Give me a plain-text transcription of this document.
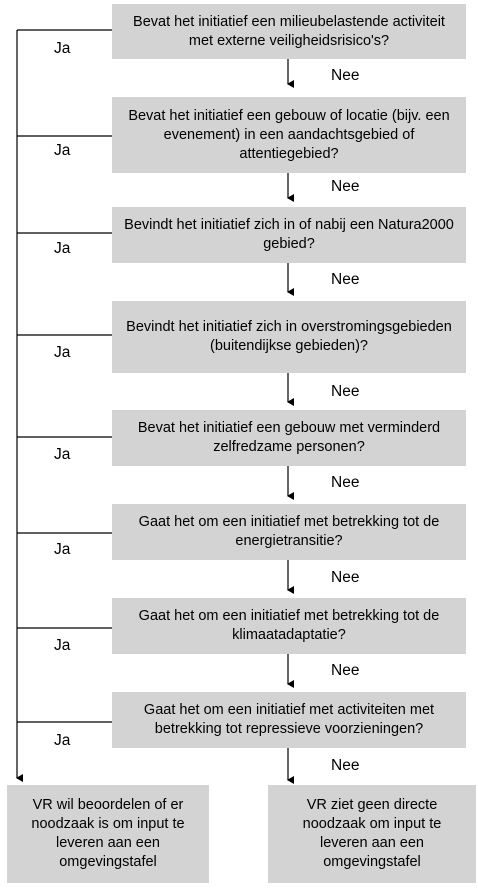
Bevat het initiatief een milieubelastende activiteit met externe veiligheidsrisico's?
Bevat het initiatief een gebouw of locatie (bijv. een evenement) in een aandachtsgebied of attentiegebied?
Bevindt het initiatief zich in of nabij een Natura2000 gebied?
Bevindt het initiatief zich in overstromingsgebieden (buitendijkse gebieden)?
Bevat het initiatief een gebouw met verminderd zelfredzame personen?
Gaat het om een initiatief met betrekking tot de energietransitie?
Gaat het om een initiatief met betrekking tot de klimaatadaptatie?
Gaat het om een initiatief met activiteiten met betrekking tot repressieve voorzieningen?
Ja
Ja
Ja
Ja
Ja
Ja
Ja
Ja
Nee
Nee
Nee
Nee
Nee
Nee
Nee
Nee
VR wil beoordelen of er noodzaak is om input te leveren aan een omgevingstafel
VR ziet geen directe noodzaak om input te leveren aan een omgevingstafel
